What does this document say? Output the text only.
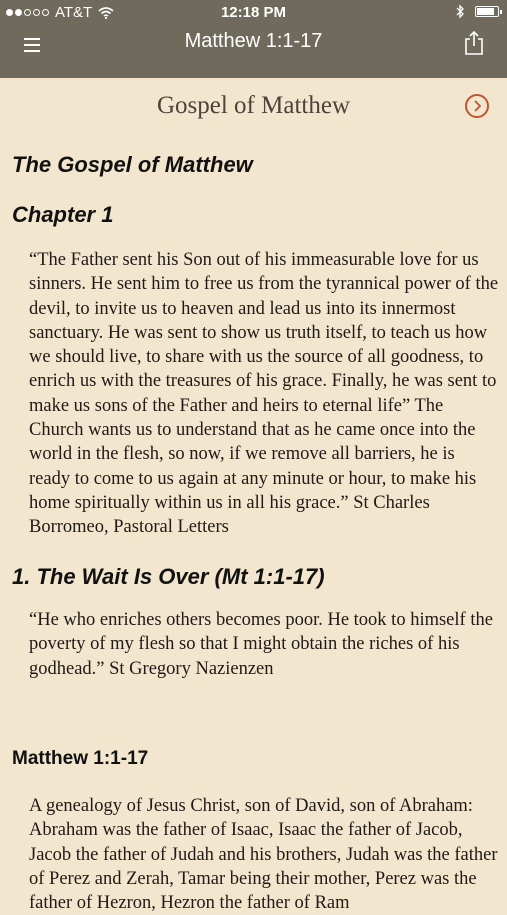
AT&T	12:18 PM
Matthew 1:1-17
Gospel of Matthew
The Gospel of Matthew
Chapter 1

“The Father sent his Son out of his immeasurable love for us sinners. He sent him to free us from the tyrannical power of the devil, to invite us to heaven and lead us into its innermost sanctuary. He was sent to show us truth itself, to teach us how we should live, to share with us the source of all goodness, to enrich us with the treasures of his grace. Finally, he was sent to make us sons of the Father and heirs to eternal life” The Church wants us to understand that as he came once into the world in the flesh, so now, if we remove all barriers, he is ready to come to us again at any minute or hour, to make his home spiritually within us in all his grace.” St Charles Borromeo, Pastoral Letters

1. The Wait Is Over (Mt 1:1-17)

“He who enriches others becomes poor. He took to himself the poverty of my flesh so that I might obtain the riches of his godhead.” St Gregory Nazienzen

Matthew 1:1-17

A genealogy of Jesus Christ, son of David, son of Abraham: Abraham was the father of Isaac, Isaac the father of Jacob, Jacob the father of Judah and his brothers, Judah was the father of Perez and Zerah, Tamar being their mother, Perez was the father of Hezron, Hezron the father of Ram
